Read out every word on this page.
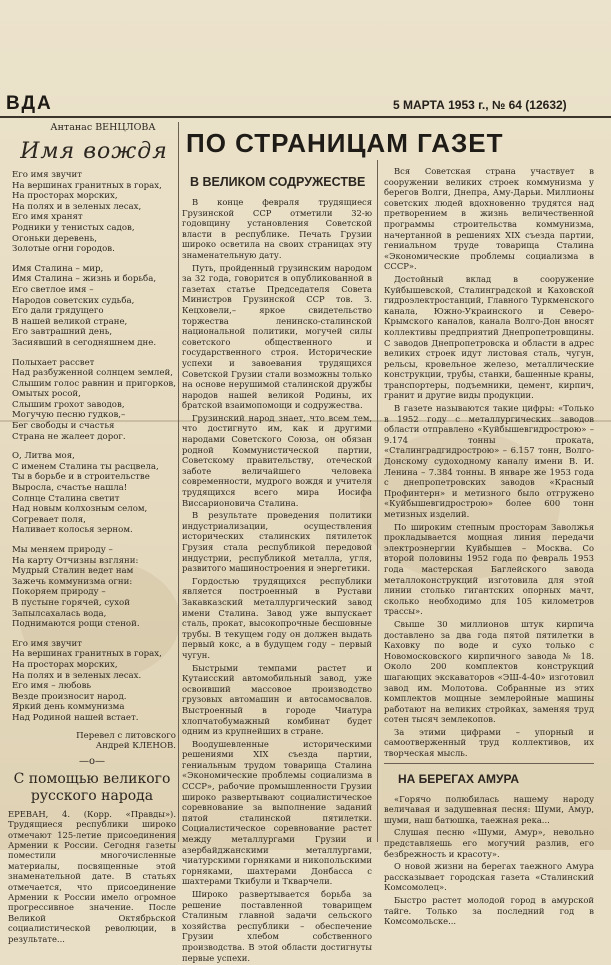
ВДА	5 МАРТА 1953 г., № 64 (12632)
Антанас ВЕНЦЛОВА
Имя вождя
Его имя звучит
На вершинах гранитных в горах,
На просторах морских,
На полях и в зеленых лесах,
Его имя хранят
Родники у тенистых садов,
Огоньки деревень,
Золотые огни городов.
Имя Сталина – мир,
Имя Сталина – жизнь и борьба,
Его светлое имя –
Народов советских судьба,
Его дали грядущего
В нашей великой стране,
Его завтрашний день,
Засиявший в сегодняшнем дне.
Полыхает рассвет
Над разбуженной солнцем землей,
Слышим голос равнин и пригорков,
Омытых росой,
Слышим грохот заводов,
Могучую песню гудков,–
Бег свободы и счастья
Страна не жалеет дорог.
О, Литва моя,
С именем Сталина ты расцвела,
Ты в борьбе и в строительстве
Выросла, счастье нашла!
Солнце Сталина светит
Над новым колхозным селом,
Согревает поля,
Наливает колосья зерном.
Мы меняем природу –
На карту Отчизны взгляни:
Мудрый Сталин ведет нам
Зажечь коммунизма огни:
Покоряем природу –
В пустыне горячей, сухой
Запылсахалась вода,
Поднимаются рощи стеной.
Его имя звучит
На вершинах гранитных в горах,
На просторах морских,
На полях и в зеленых лесах.
Его имя – любовь
Везде произносит народ.
Яркий день коммунизма
Над Родиной нашей встает.
Перевел с литовского
Андрей КЛЕНОВ.
—o—
С помощью великого русского народа
ЕРЕВАН, 4. (Корр. «Правды»). Трудящиеся республики широко отмечают 125-летие присоединения Армении к России. Сегодня газеты поместили многочисленные материалы, посвященные этой знаменательной дате. В статьях отмечается, что присоединение Армении к России имело огромное прогрессивное значение. После Великой Октябрьской социалистической революции, в результате...
ПО СТРАНИЦАМ ГАЗЕТ
В ВЕЛИКОМ СОДРУЖЕСТВЕ
В конце февраля трудящиеся Грузинской ССР отметили 32-ю годовщину установления Советской власти в республике. Печать Грузии широко осветила на своих страницах эту знаменательную дату.
Путь, пройденный грузинским народом за 32 года, говорится в опубликованной в газетах статье Председателя Совета Министров Грузинской ССР тов. З. Кецховели,– яркое свидетельство торжества ленинско-сталинской национальной политики, могучей силы советского общественного и государственного строя. Исторические успехи и завоевания трудящихся Советской Грузии стали возможны только на основе нерушимой сталинской дружбы народов нашей великой Родины, их братской взаимопомощи и содружества.
Грузинский народ знает, что всем тем, что достигнуто им, как и другими народами Советского Союза, он обязан родной Коммунистической партии, Советскому правительству, отеческой заботе величайшего человека современности, мудрого вождя и учителя трудящихся всего мира Иосифа Виссарионовича Сталина.
В результате проведения политики индустриализации, осуществления исторических сталинских пятилеток Грузия стала республикой передовой индустрии, республикой металла, угля, развитого машиностроения и энергетики.
Гордостью трудящихся республики является построенный в Рустави Закавказский металлургический завод имени Сталина. Завод уже выпускает сталь, прокат, высокопрочные бесшовные трубы. В текущем году он должен выдать первый кокс, а в будущем году – первый чугун.
Быстрыми темпами растет и Кутаисский автомобильный завод, уже освоивший массовое производство грузовых автомашин и автосамосвалов. Выстроенный в городе Чиатура хлопчатобумажный комбинат будет одним из крупнейших в стране.
Воодушевленные историческими решениями XIX съезда партии, гениальным трудом товарища Сталина «Экономические проблемы социализма в СССР», рабочие промышленности Грузии широко развертывают социалистическое соревнование за выполнение заданий пятой сталинской пятилетки. Социалистическое соревнование растет между металлургами Грузии и азербайджанскими металлургами, чиатурскими горняками и никопольскими горняками, шахтерами Донбасса с шахтерами Ткибули и Ткварчели.
Широко развертывается борьба за решение поставленной товарищем Сталиным главной задачи сельского хозяйства республики – обеспечение Грузии хлебом собственного производства. В этой области достигнуты первые успехи.
Вся Советская страна участвует в сооружении великих строек коммунизма у берегов Волги, Днепра, Аму-Дарьи. Миллионы советских людей вдохновенно трудятся над претворением в жизнь величественной программы строительства коммунизма, начертанной в решениях XIX съезда партии, гениальном труде товарища Сталина «Экономические проблемы социализма в СССР».
Достойный вклад в сооружение Куйбышевской, Сталинградской и Каховской гидроэлектростанций, Главного Туркменского канала, Южно-Украинского и Северо-Крымского каналов, канала Волго-Дон вносят коллективы предприятий Днепропетровщины. С заводов Днепропетровска и области в адрес великих строек идут листовая сталь, чугун, рельсы, кровельное железо, металлические конструкции, трубы, станки, башенные краны, транспортеры, подъемники, цемент, кирпич, гранит и другие виды продукции.
В газете называются такие цифры: «Только в 1952 году с металлургических заводов области отправлено «Куйбышевгидрострою» – 9.174 тонны проката, «Сталинградгидрострою» – 6.157 тонн, Волго-Донскому судоходному каналу имени В. И. Ленина – 7.384 тонны. В январе же 1953 года с днепропетровских заводов «Красный Профинтерн» и метизного было отгружено «Куйбышевгидрострою» более 600 тонн метизных изделий.
По широким степным просторам Заволжья прокладывается мощная линия передачи электроэнергии Куйбышев – Москва. Со второй половины 1952 года по февраль 1953 года мастерская Баглейского завода металлоконструкций изготовила для этой линии столько гигантских опорных мачт, сколько необходимо для 105 километров трассы».
Свыше 30 миллионов штук кирпича доставлено за два года пятой пятилетки в Каховку по воде и сухо только с Новомосковского кирпичного завода № 18. Около 200 комплектов конструкций шагающих экскаваторов «ЭШ-4-40» изготовил завод им. Молотова. Собранные из этих комплектов мощные землеройные машины работают на великих стройках, заменяя труд сотен тысяч землекопов.
За этими цифрами – упорный и самоотверженный труд коллективов, их творческая мысль.
НА БЕРЕГАХ АМУРА
«Горячо полюбилась нашему народу величавая и задушевная песня: Шуми, Амур, шуми, наш батюшка, таежная река...
Слушая песню «Шуми, Амур», невольно представляешь его могучий разлив, его безбрежность и красоту».
О новой жизни на берегах таежного Амура рассказывает городская газета «Сталинский Комсомолец».
Быстро растет молодой город в амурской тайге. Только за последний год в Комсомольске...
